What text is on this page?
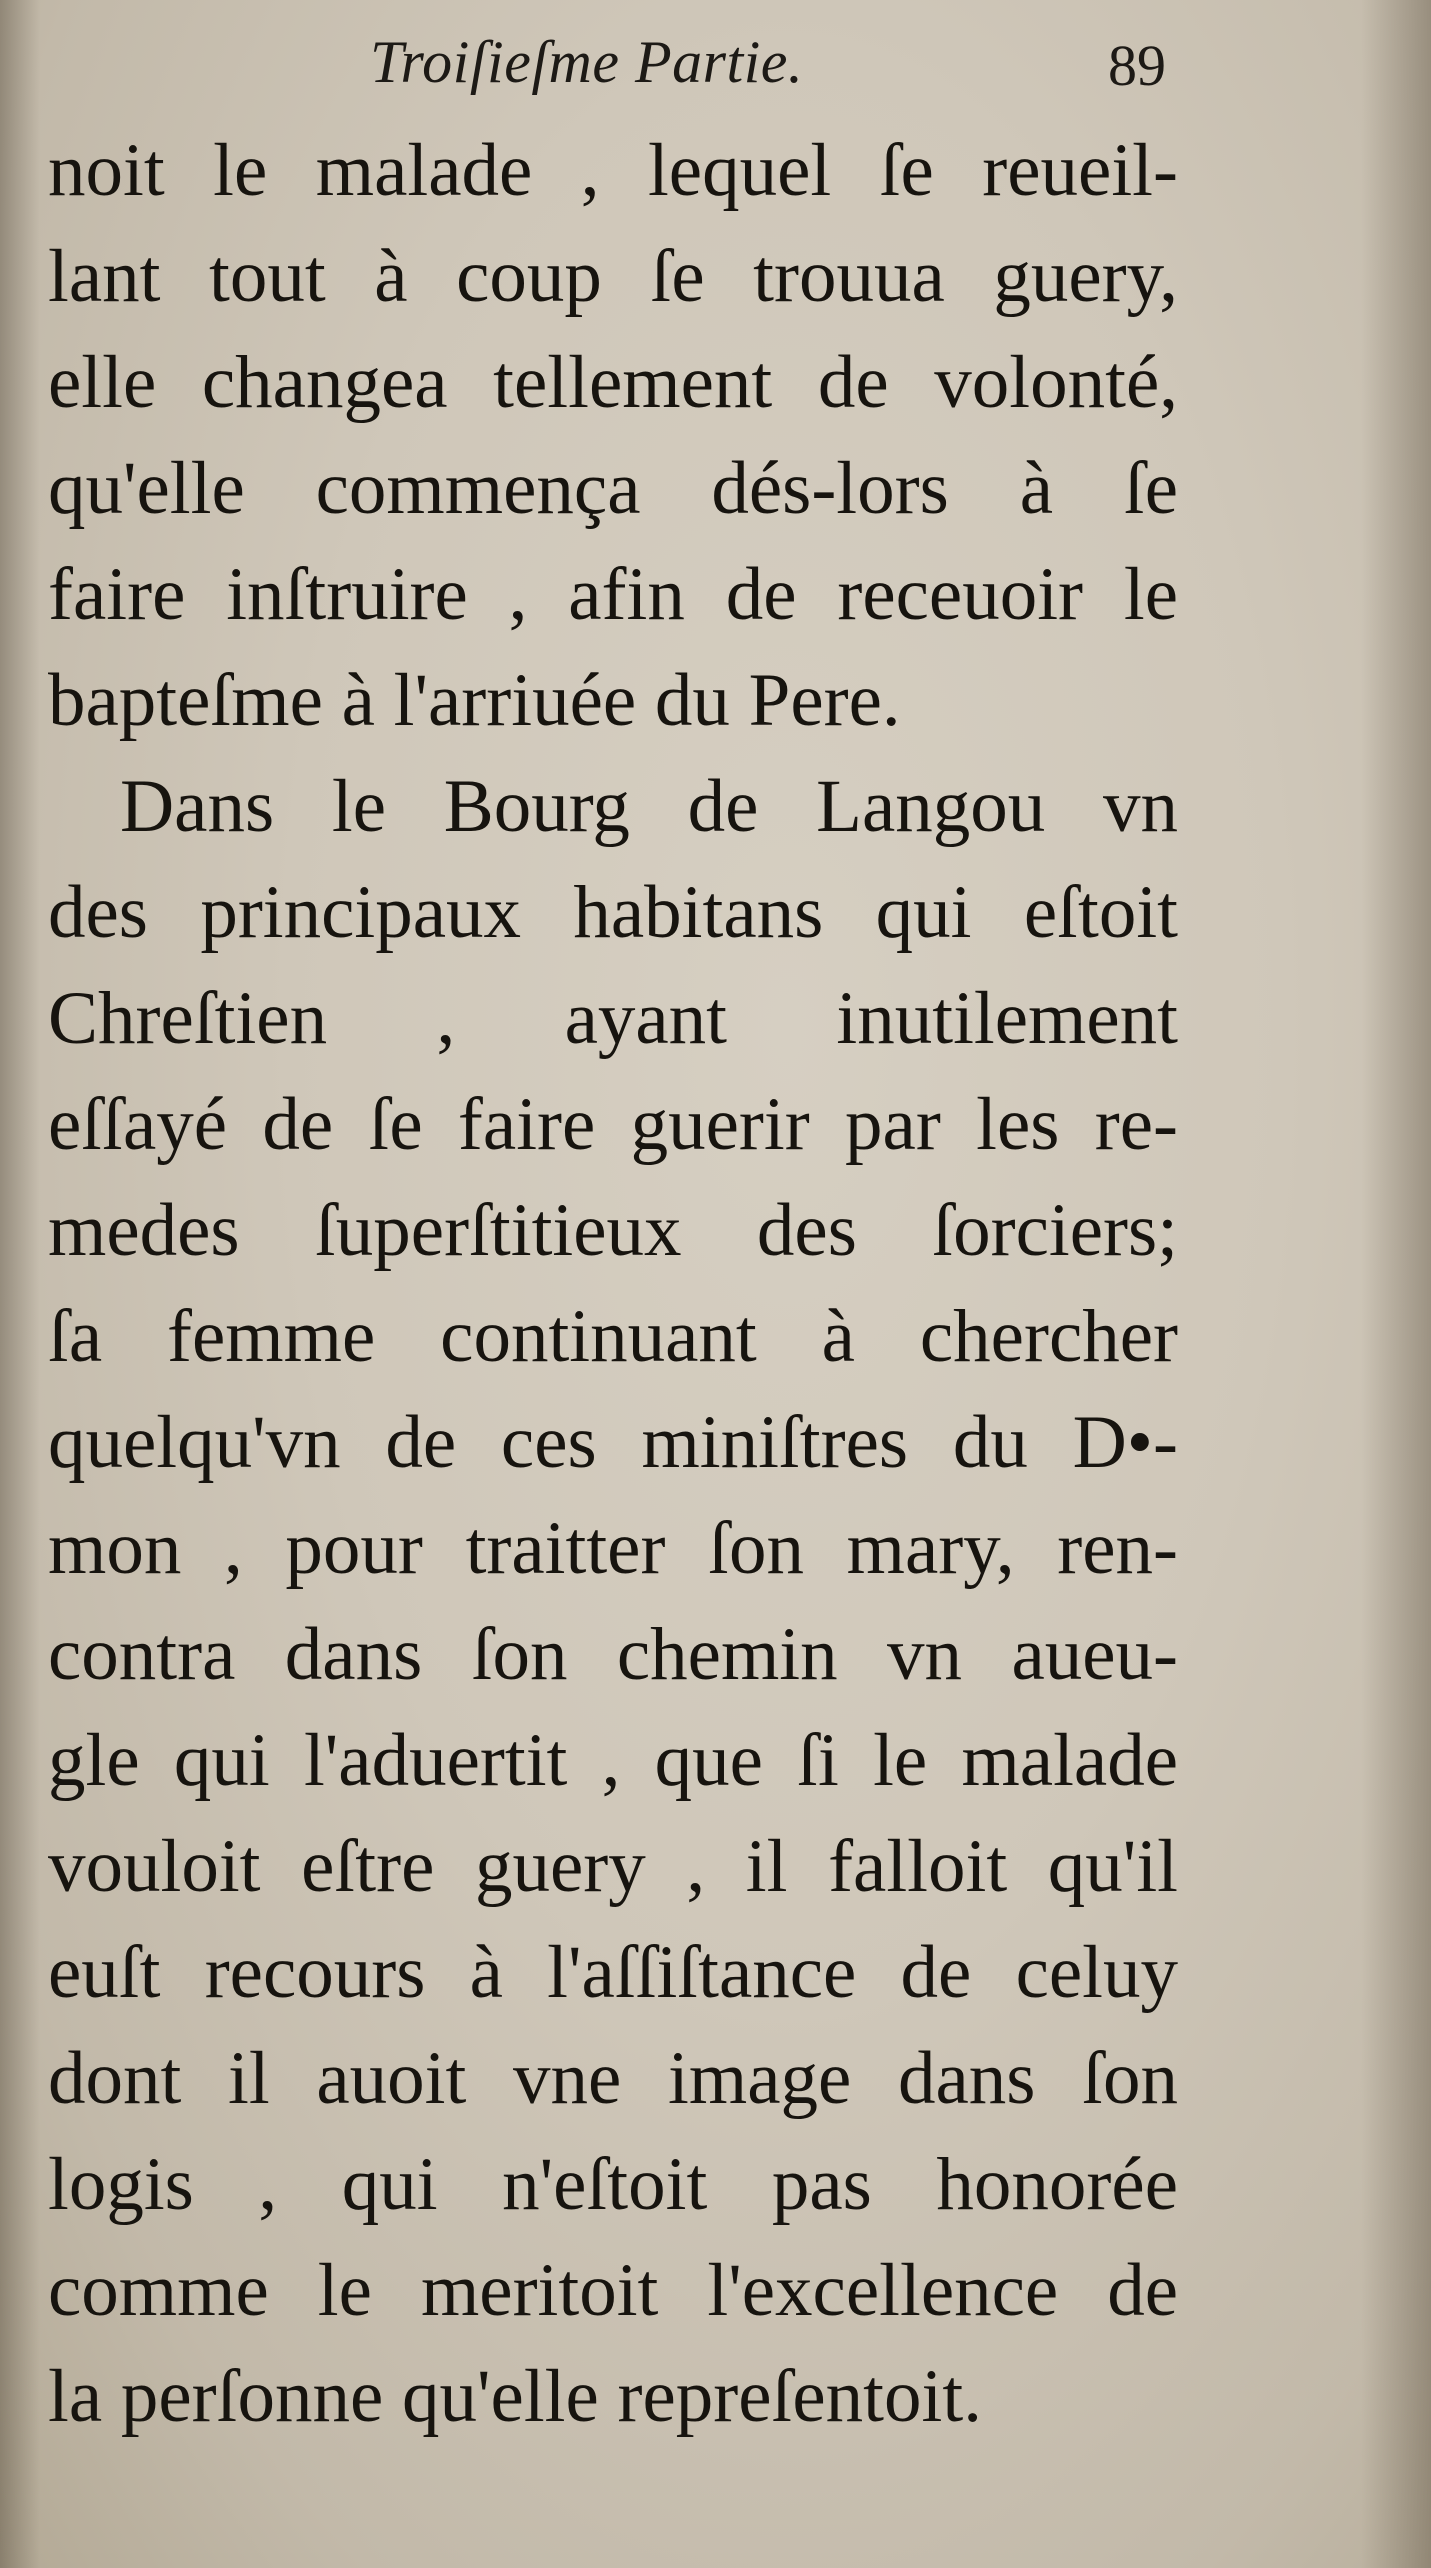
Troiſieſme Partie.	89
noit le malade , lequel ſe reueil-
lant tout à coup ſe trouua guery,
elle changea tellement de volonté,
qu'elle commença dés-lors à ſe
faire inſtruire , afin de receuoir le
bapteſme à l'arriuée du Pere.
Dans le Bourg de Langou vn
des principaux habitans qui eſtoit
Chreſtien , ayant inutilement
eſſayé de ſe faire guerir par les re-
medes ſuperſtitieux des ſorciers;
ſa femme continuant à chercher
quelqu'vn de ces miniſtres du D•-
mon , pour traitter ſon mary, ren-
contra dans ſon chemin vn aueu-
gle qui l'aduertit , que ſi le malade
vouloit eſtre guery , il falloit qu'il
euſt recours à l'aſſiſtance de celuy
dont il auoit vne image dans ſon
logis , qui n'eſtoit pas honorée
comme le meritoit l'excellence de
la perſonne qu'elle repreſentoit.
